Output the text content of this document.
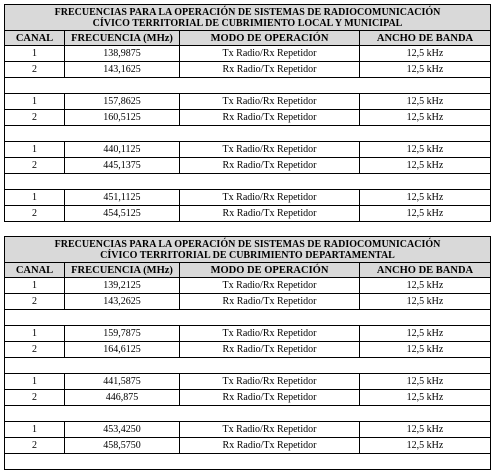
FRECUENCIAS PARA LA OPERACIÓN DE SISTEMAS DE RADIOCOMUNICACIÓN
CÍVICO TERRITORIAL DE CUBRIMIENTO LOCAL Y MUNICIPAL			
CANAL	FRECUENCIA (MHz)	MODO DE OPERACIÓN	ANCHO DE BANDA
1	138,9875	Tx Radio/Rx Repetidor	12,5 kHz
2	143,1625	Rx Radio/Tx Repetidor	12,5 kHz

1	157,8625	Tx Radio/Rx Repetidor	12,5 kHz
2	160,5125	Rx Radio/Tx Repetidor	12,5 kHz

1	440,1125	Tx Radio/Rx Repetidor	12,5 kHz
2	445,1375	Rx Radio/Tx Repetidor	12,5 kHz

1	451,1125	Tx Radio/Rx Repetidor	12,5 kHz
2	454,5125	Rx Radio/Tx Repetidor	12,5 kHz
FRECUENCIAS PARA LA OPERACIÓN DE SISTEMAS DE RADIOCOMUNICACIÓN
CÍVICO TERRITORIAL DE CUBRIMIENTO DEPARTAMENTAL			
CANAL	FRECUENCIA (MHz)	MODO DE OPERACIÓN	ANCHO DE BANDA
1	139,2125	Tx Radio/Rx Repetidor	12,5 kHz
2	143,2625	Rx Radio/Tx Repetidor	12,5 kHz

1	159,7875	Tx Radio/Rx Repetidor	12,5 kHz
2	164,6125	Rx Radio/Tx Repetidor	12,5 kHz

1	441,5875	Tx Radio/Rx Repetidor	12,5 kHz
2	446,875	Rx Radio/Tx Repetidor	12,5 kHz

1	453,4250	Tx Radio/Rx Repetidor	12,5 kHz
2	458,5750	Rx Radio/Tx Repetidor	12,5 kHz
